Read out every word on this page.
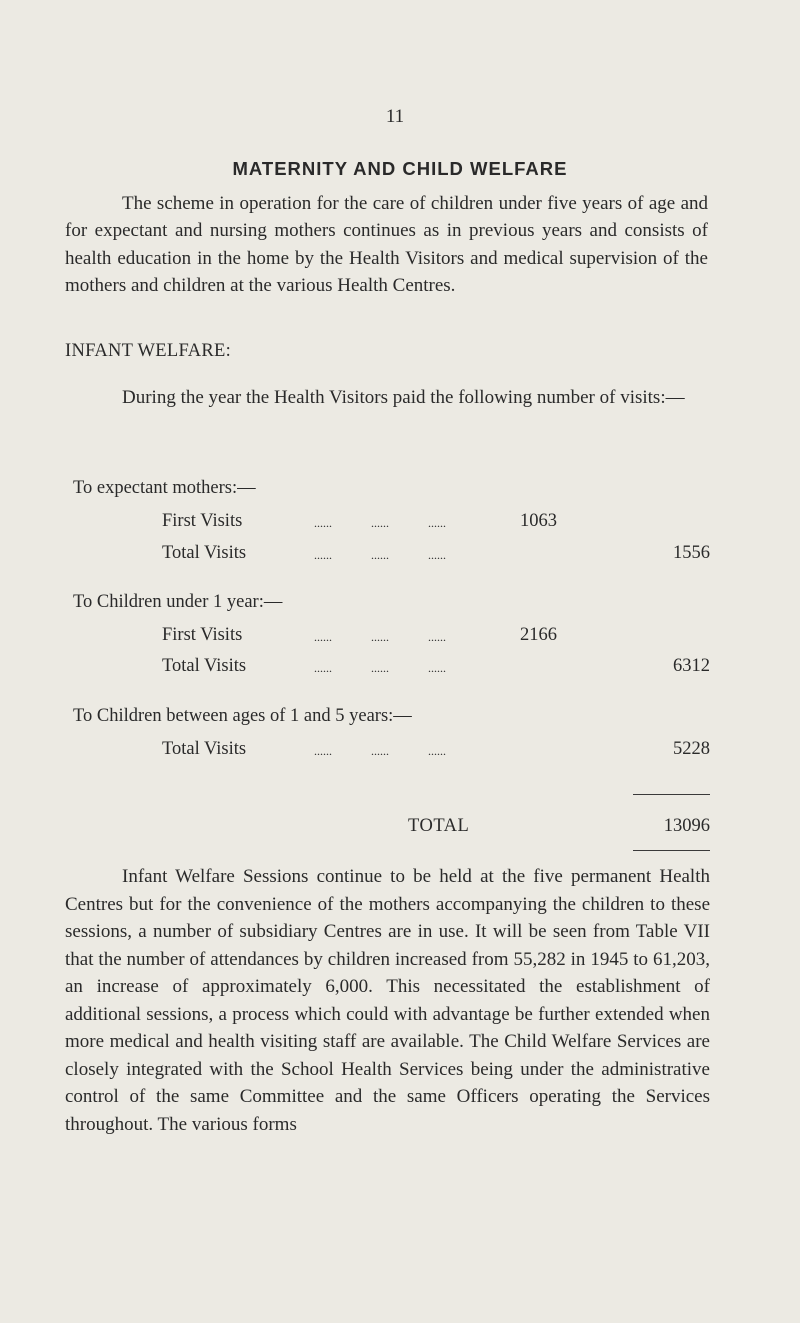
11
MATERNITY AND CHILD WELFARE

The scheme in operation for the care of children under five years of age and for expectant and nursing mothers continues as in previous years and consists of health education in the home by the Health Visitors and medical supervision of the mothers and children at the various Health Centres.

INFANT WELFARE:

During the year the Health Visitors paid the following number of visits:—

To expectant mothers:—
First Visits	......	......	......	1063
Total Visits	......	......	......	1556
To Children under 1 year:—
First Visits	......	......	......	2166
Total Visits	......	......	......	6312
To Children between ages of 1 and 5 years:—
Total Visits	......	......	......	5228
TOTAL	13096

Infant Welfare Sessions continue to be held at the five permanent Health Centres but for the convenience of the mothers accompanying the children to these sessions, a number of subsidiary Centres are in use. It will be seen from Table VII that the number of attendances by children increased from 55,282 in 1945 to 61,203, an increase of approximately 6,000. This necessitated the establishment of additional sessions, a process which could with advantage be further extended when more medical and health visiting staff are available. The Child Welfare Services are closely integrated with the School Health Services being under the administrative control of the same Committee and the same Officers operating the Services throughout. The various forms
